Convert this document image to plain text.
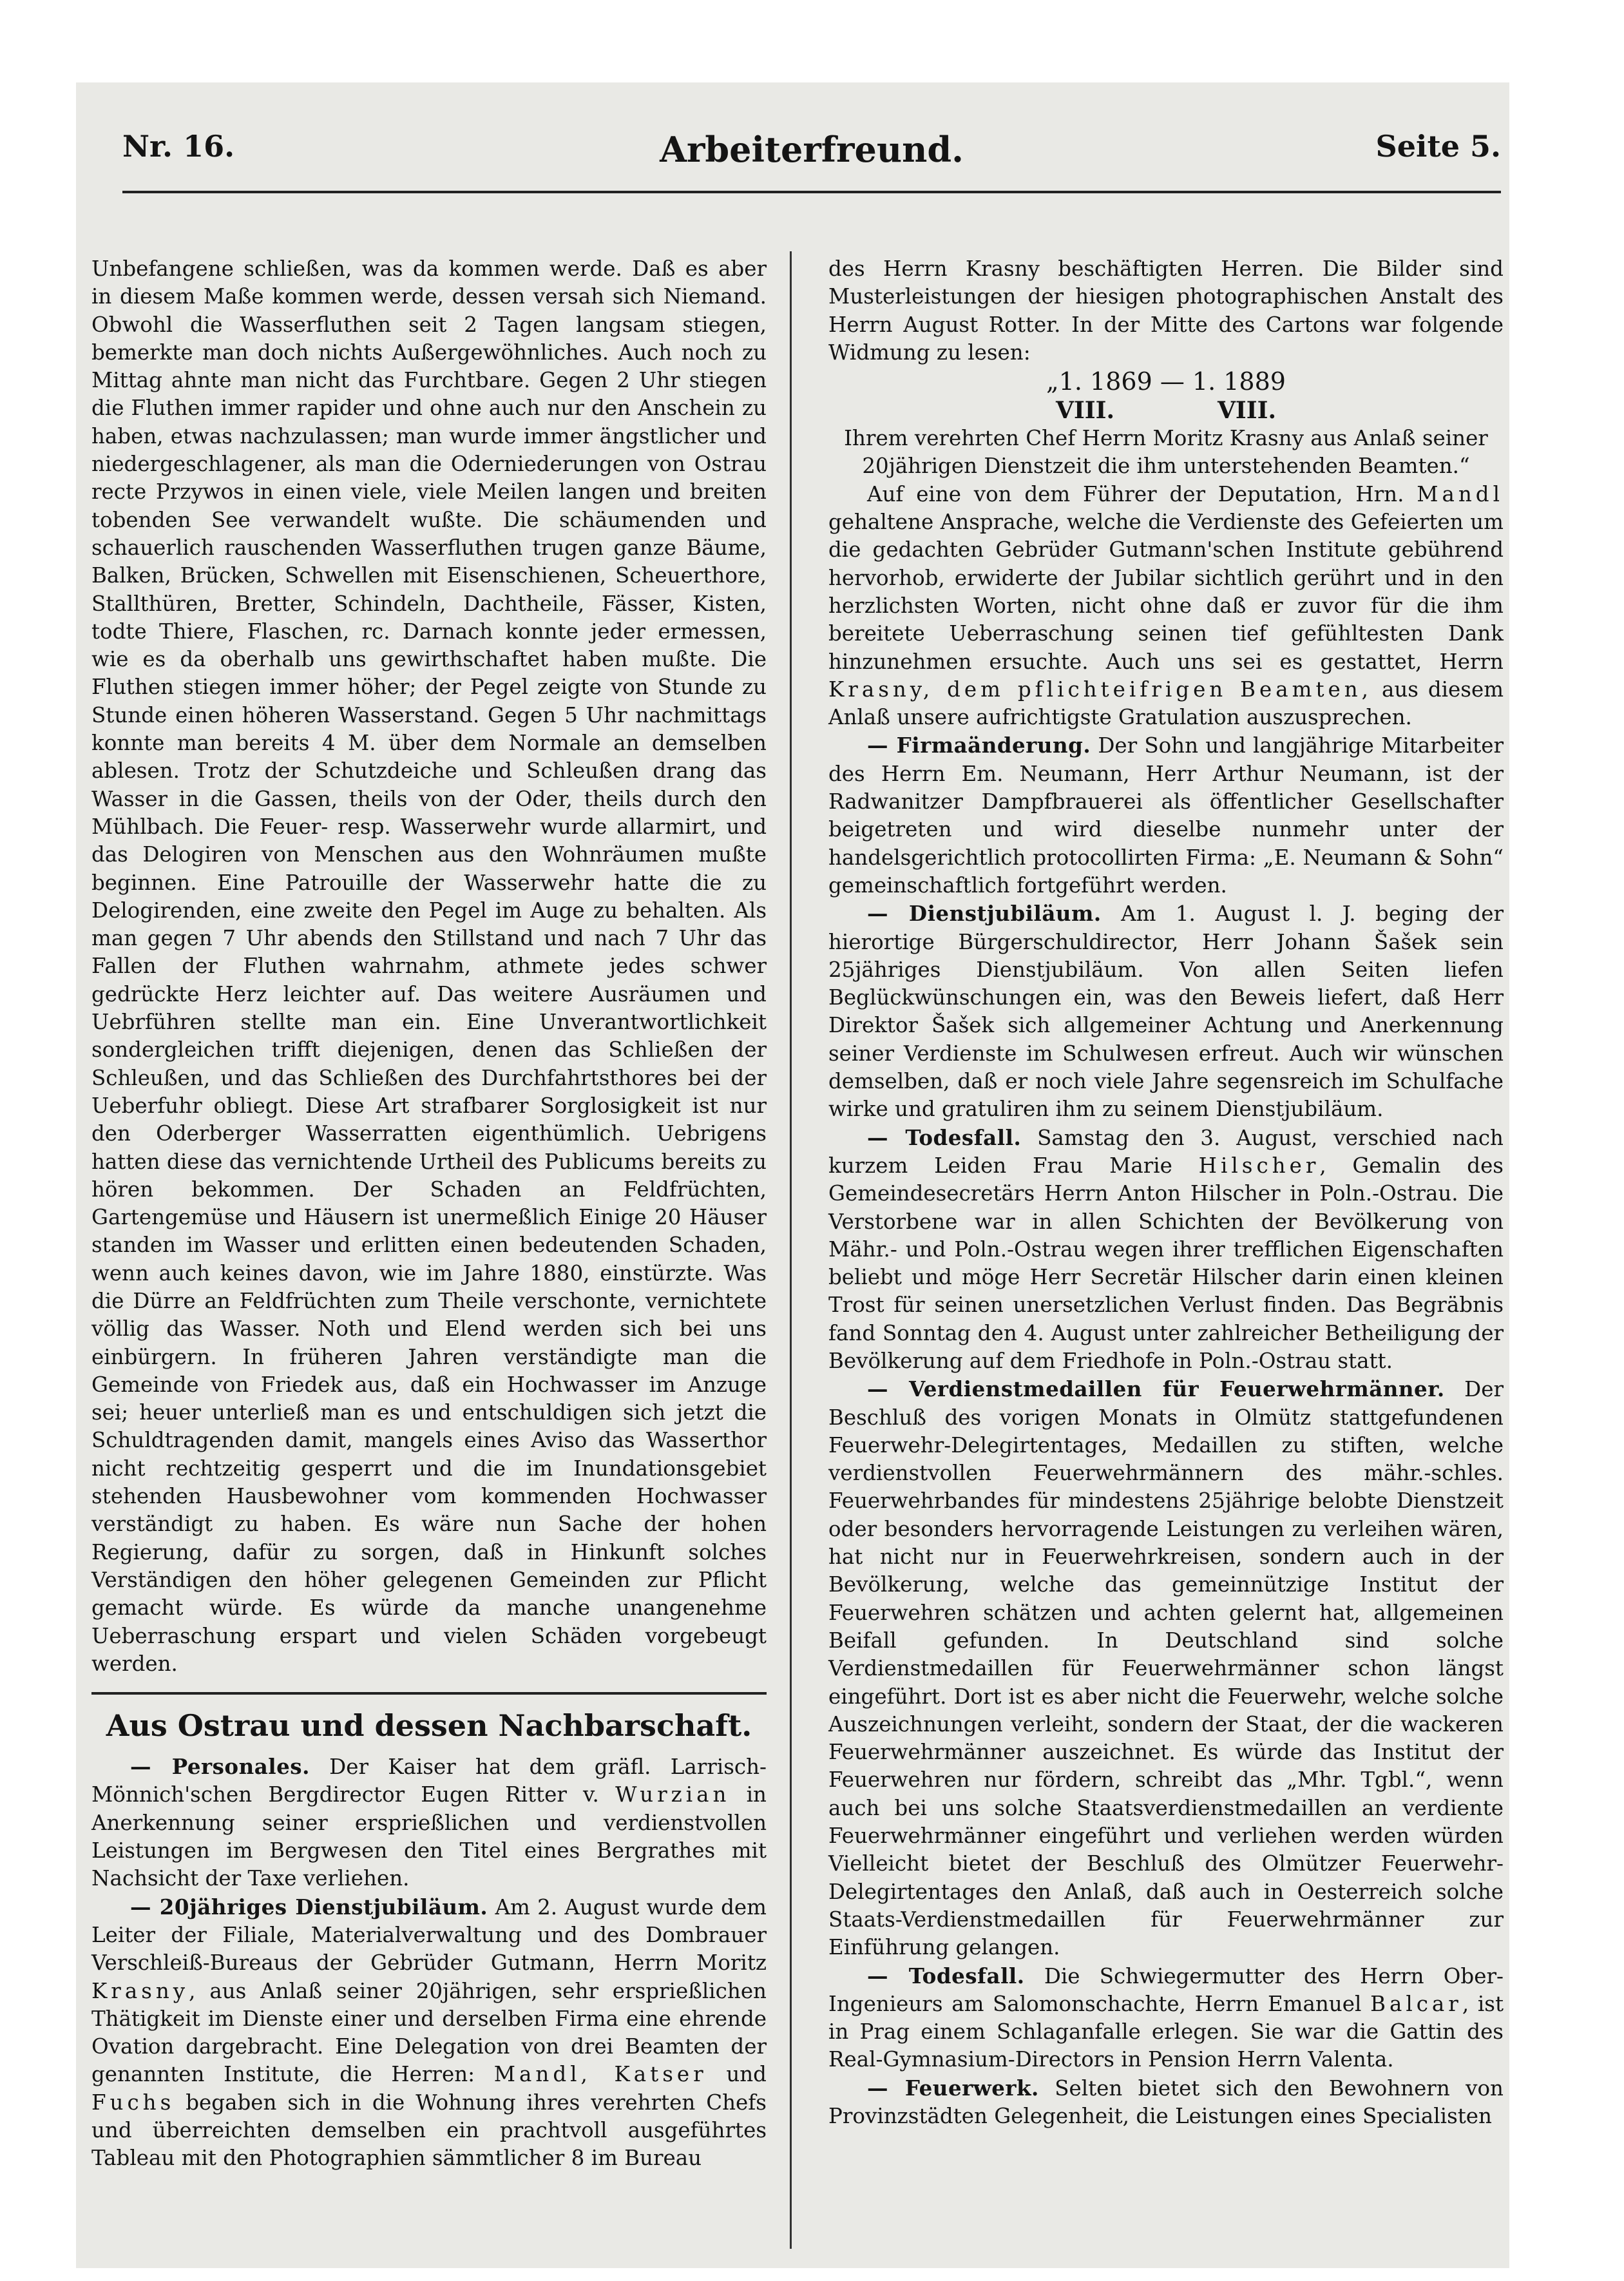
Nr. 16.	Arbeiterfreund.	Seite 5.

Unbefangene schließen, was da kommen werde. Daß es aber in diesem Maße kommen werde, dessen versah sich Niemand. Obwohl die Wasserfluthen seit 2 Tagen langsam stiegen, bemerkte man doch nichts Außergewöhnliches. Auch noch zu Mittag ahnte man nicht das Furchtbare. Gegen 2 Uhr stiegen die Fluthen immer rapider und ohne auch nur den Anschein zu haben, etwas nachzulassen; man wurde immer ängstlicher und niedergeschlagener, als man die Oderniederungen von Ostrau recte Przywos in einen viele, viele Meilen langen und breiten tobenden See verwandelt wußte. Die schäumenden und schauerlich rauschenden Wasserfluthen trugen ganze Bäume, Balken, Brücken, Schwellen mit Eisenschienen, Scheuerthore, Stallthüren, Bretter, Schindeln, Dachtheile, Fässer, Kisten, todte Thiere, Flaschen, rc. Darnach konnte jeder ermessen, wie es da oberhalb uns gewirthschaftet haben mußte. Die Fluthen stiegen immer höher; der Pegel zeigte von Stunde zu Stunde einen höheren Wasserstand. Gegen 5 Uhr nachmittags konnte man bereits 4 M. über dem Normale an demselben ablesen. Trotz der Schutzdeiche und Schleußen drang das Wasser in die Gassen, theils von der Oder, theils durch den Mühlbach. Die Feuer- resp. Wasserwehr wurde allarmirt, und das Delogiren von Menschen aus den Wohnräumen mußte beginnen. Eine Patrouille der Wasserwehr hatte die zu Delogirenden, eine zweite den Pegel im Auge zu behalten. Als man gegen 7 Uhr abends den Stillstand und nach 7 Uhr das Fallen der Fluthen wahrnahm, athmete jedes schwer gedrückte Herz leichter auf. Das weitere Ausräumen und Uebrführen stellte man ein. Eine Unverantwortlichkeit sondergleichen trifft diejenigen, denen das Schließen der Schleußen, und das Schließen des Durchfahrtsthores bei der Ueberfuhr obliegt. Diese Art strafbarer Sorglosigkeit ist nur den Oderberger Wasserratten eigenthümlich. Uebrigens hatten diese das vernichtende Urtheil des Publicums bereits zu hören bekommen. Der Schaden an Feldfrüchten, Gartengemüse und Häusern ist unermeßlich Einige 20 Häuser standen im Wasser und erlitten einen bedeutenden Schaden, wenn auch keines davon, wie im Jahre 1880, einstürzte. Was die Dürre an Feldfrüchten zum Theile verschonte, vernichtete völlig das Wasser. Noth und Elend werden sich bei uns einbürgern. In früheren Jahren verständigte man die Gemeinde von Friedek aus, daß ein Hochwasser im Anzuge sei; heuer unterließ man es und entschuldigen sich jetzt die Schuldtragenden damit, mangels eines Aviso das Wasserthor nicht rechtzeitig gesperrt und die im Inundationsgebiet stehenden Hausbewohner vom kommenden Hochwasser verständigt zu haben. Es wäre nun Sache der hohen Regierung, dafür zu sorgen, daß in Hinkunft solches Verständigen den höher gelegenen Gemeinden zur Pflicht gemacht würde. Es würde da manche unangenehme Ueberraschung erspart und vielen Schäden vorgebeugt werden.

Aus Ostrau und dessen Nachbarschaft.

— Personales. Der Kaiser hat dem gräfl. Larrisch-Mönnich'schen Bergdirector Eugen Ritter v. Wurzian in Anerkennung seiner ersprießlichen und verdienstvollen Leistungen im Bergwesen den Titel eines Bergrathes mit Nachsicht der Taxe verliehen.

— 20jähriges Dienstjubiläum. Am 2. August wurde dem Leiter der Filiale, Materialverwaltung und des Dombrauer Verschleiß-Bureaus der Gebrüder Gutmann, Herrn Moritz Krasny, aus Anlaß seiner 20jährigen, sehr ersprießlichen Thätigkeit im Dienste einer und derselben Firma eine ehrende Ovation dargebracht. Eine Delegation von drei Beamten der genannten Institute, die Herren: Mandl, Katser und Fuchs begaben sich in die Wohnung ihres verehrten Chefs und überreichten demselben ein prachtvoll ausgeführtes Tableau mit den Photographien sämmtlicher 8 im Bureau

des Herrn Krasny beschäftigten Herren. Die Bilder sind Musterleistungen der hiesigen photographischen Anstalt des Herrn August Rotter. In der Mitte des Cartons war folgende Widmung zu lesen:

„1. 1869 — 1. 1889

VIII.	VIII.

Ihrem verehrten Chef Herrn Moritz Krasny aus Anlaß seiner 20jährigen Dienstzeit die ihm unterstehenden Beamten.“

Auf eine von dem Führer der Deputation, Hrn. Mandl gehaltene Ansprache, welche die Verdienste des Gefeierten um die gedachten Gebrüder Gutmann'schen Institute gebührend hervorhob, erwiderte der Jubilar sichtlich gerührt und in den herzlichsten Worten, nicht ohne daß er zuvor für die ihm bereitete Ueberraschung seinen tief gefühltesten Dank hinzunehmen ersuchte. Auch uns sei es gestattet, Herrn Krasny, dem pflichteifrigen Beamten, aus diesem Anlaß unsere aufrichtigste Gratulation auszusprechen.

— Firmaänderung. Der Sohn und langjährige Mitarbeiter des Herrn Em. Neumann, Herr Arthur Neumann, ist der Radwanitzer Dampfbrauerei als öffentlicher Gesellschafter beigetreten und wird dieselbe nunmehr unter der handelsgerichtlich protocollirten Firma: „E. Neumann & Sohn“ gemeinschaftlich fortgeführt werden.

— Dienstjubiläum. Am 1. August l. J. beging der hierortige Bürgerschuldirector, Herr Johann Šašek sein 25jähriges Dienstjubiläum. Von allen Seiten liefen Beglückwünschungen ein, was den Beweis liefert, daß Herr Direktor Šašek sich allgemeiner Achtung und Anerkennung seiner Verdienste im Schulwesen erfreut. Auch wir wünschen demselben, daß er noch viele Jahre segensreich im Schulfache wirke und gratuliren ihm zu seinem Dienstjubiläum.

— Todesfall. Samstag den 3. August, verschied nach kurzem Leiden Frau Marie Hilscher, Gemalin des Gemeindesecretärs Herrn Anton Hilscher in Poln.-Ostrau. Die Verstorbene war in allen Schichten der Bevölkerung von Mähr.- und Poln.-Ostrau wegen ihrer trefflichen Eigenschaften beliebt und möge Herr Secretär Hilscher darin einen kleinen Trost für seinen unersetzlichen Verlust finden. Das Begräbnis fand Sonntag den 4. August unter zahlreicher Betheiligung der Bevölkerung auf dem Friedhofe in Poln.-Ostrau statt.

— Verdienstmedaillen für Feuerwehrmänner. Der Beschluß des vorigen Monats in Olmütz stattgefundenen Feuerwehr-Delegirtentages, Medaillen zu stiften, welche verdienstvollen Feuerwehrmännern des mähr.-schles. Feuerwehrbandes für mindestens 25jährige belobte Dienstzeit oder besonders hervorragende Leistungen zu verleihen wären, hat nicht nur in Feuerwehrkreisen, sondern auch in der Bevölkerung, welche das gemeinnützige Institut der Feuerwehren schätzen und achten gelernt hat, allgemeinen Beifall gefunden. In Deutschland sind solche Verdienstmedaillen für Feuerwehrmänner schon längst eingeführt. Dort ist es aber nicht die Feuerwehr, welche solche Auszeichnungen verleiht, sondern der Staat, der die wackeren Feuerwehrmänner auszeichnet. Es würde das Institut der Feuerwehren nur fördern, schreibt das „Mhr. Tgbl.“, wenn auch bei uns solche Staatsverdienstmedaillen an verdiente Feuerwehrmänner eingeführt und verliehen werden würden Vielleicht bietet der Beschluß des Olmützer Feuerwehr-Delegirtentages den Anlaß, daß auch in Oesterreich solche Staats-Verdienstmedaillen für Feuerwehrmänner zur Einführung gelangen.

— Todesfall. Die Schwiegermutter des Herrn Ober-Ingenieurs am Salomonschachte, Herrn Emanuel Balcar, ist in Prag einem Schlaganfalle erlegen. Sie war die Gattin des Real-Gymnasium-Directors in Pension Herrn Valenta.

— Feuerwerk. Selten bietet sich den Bewohnern von Provinzstädten Gelegenheit, die Leistungen eines Specialisten
